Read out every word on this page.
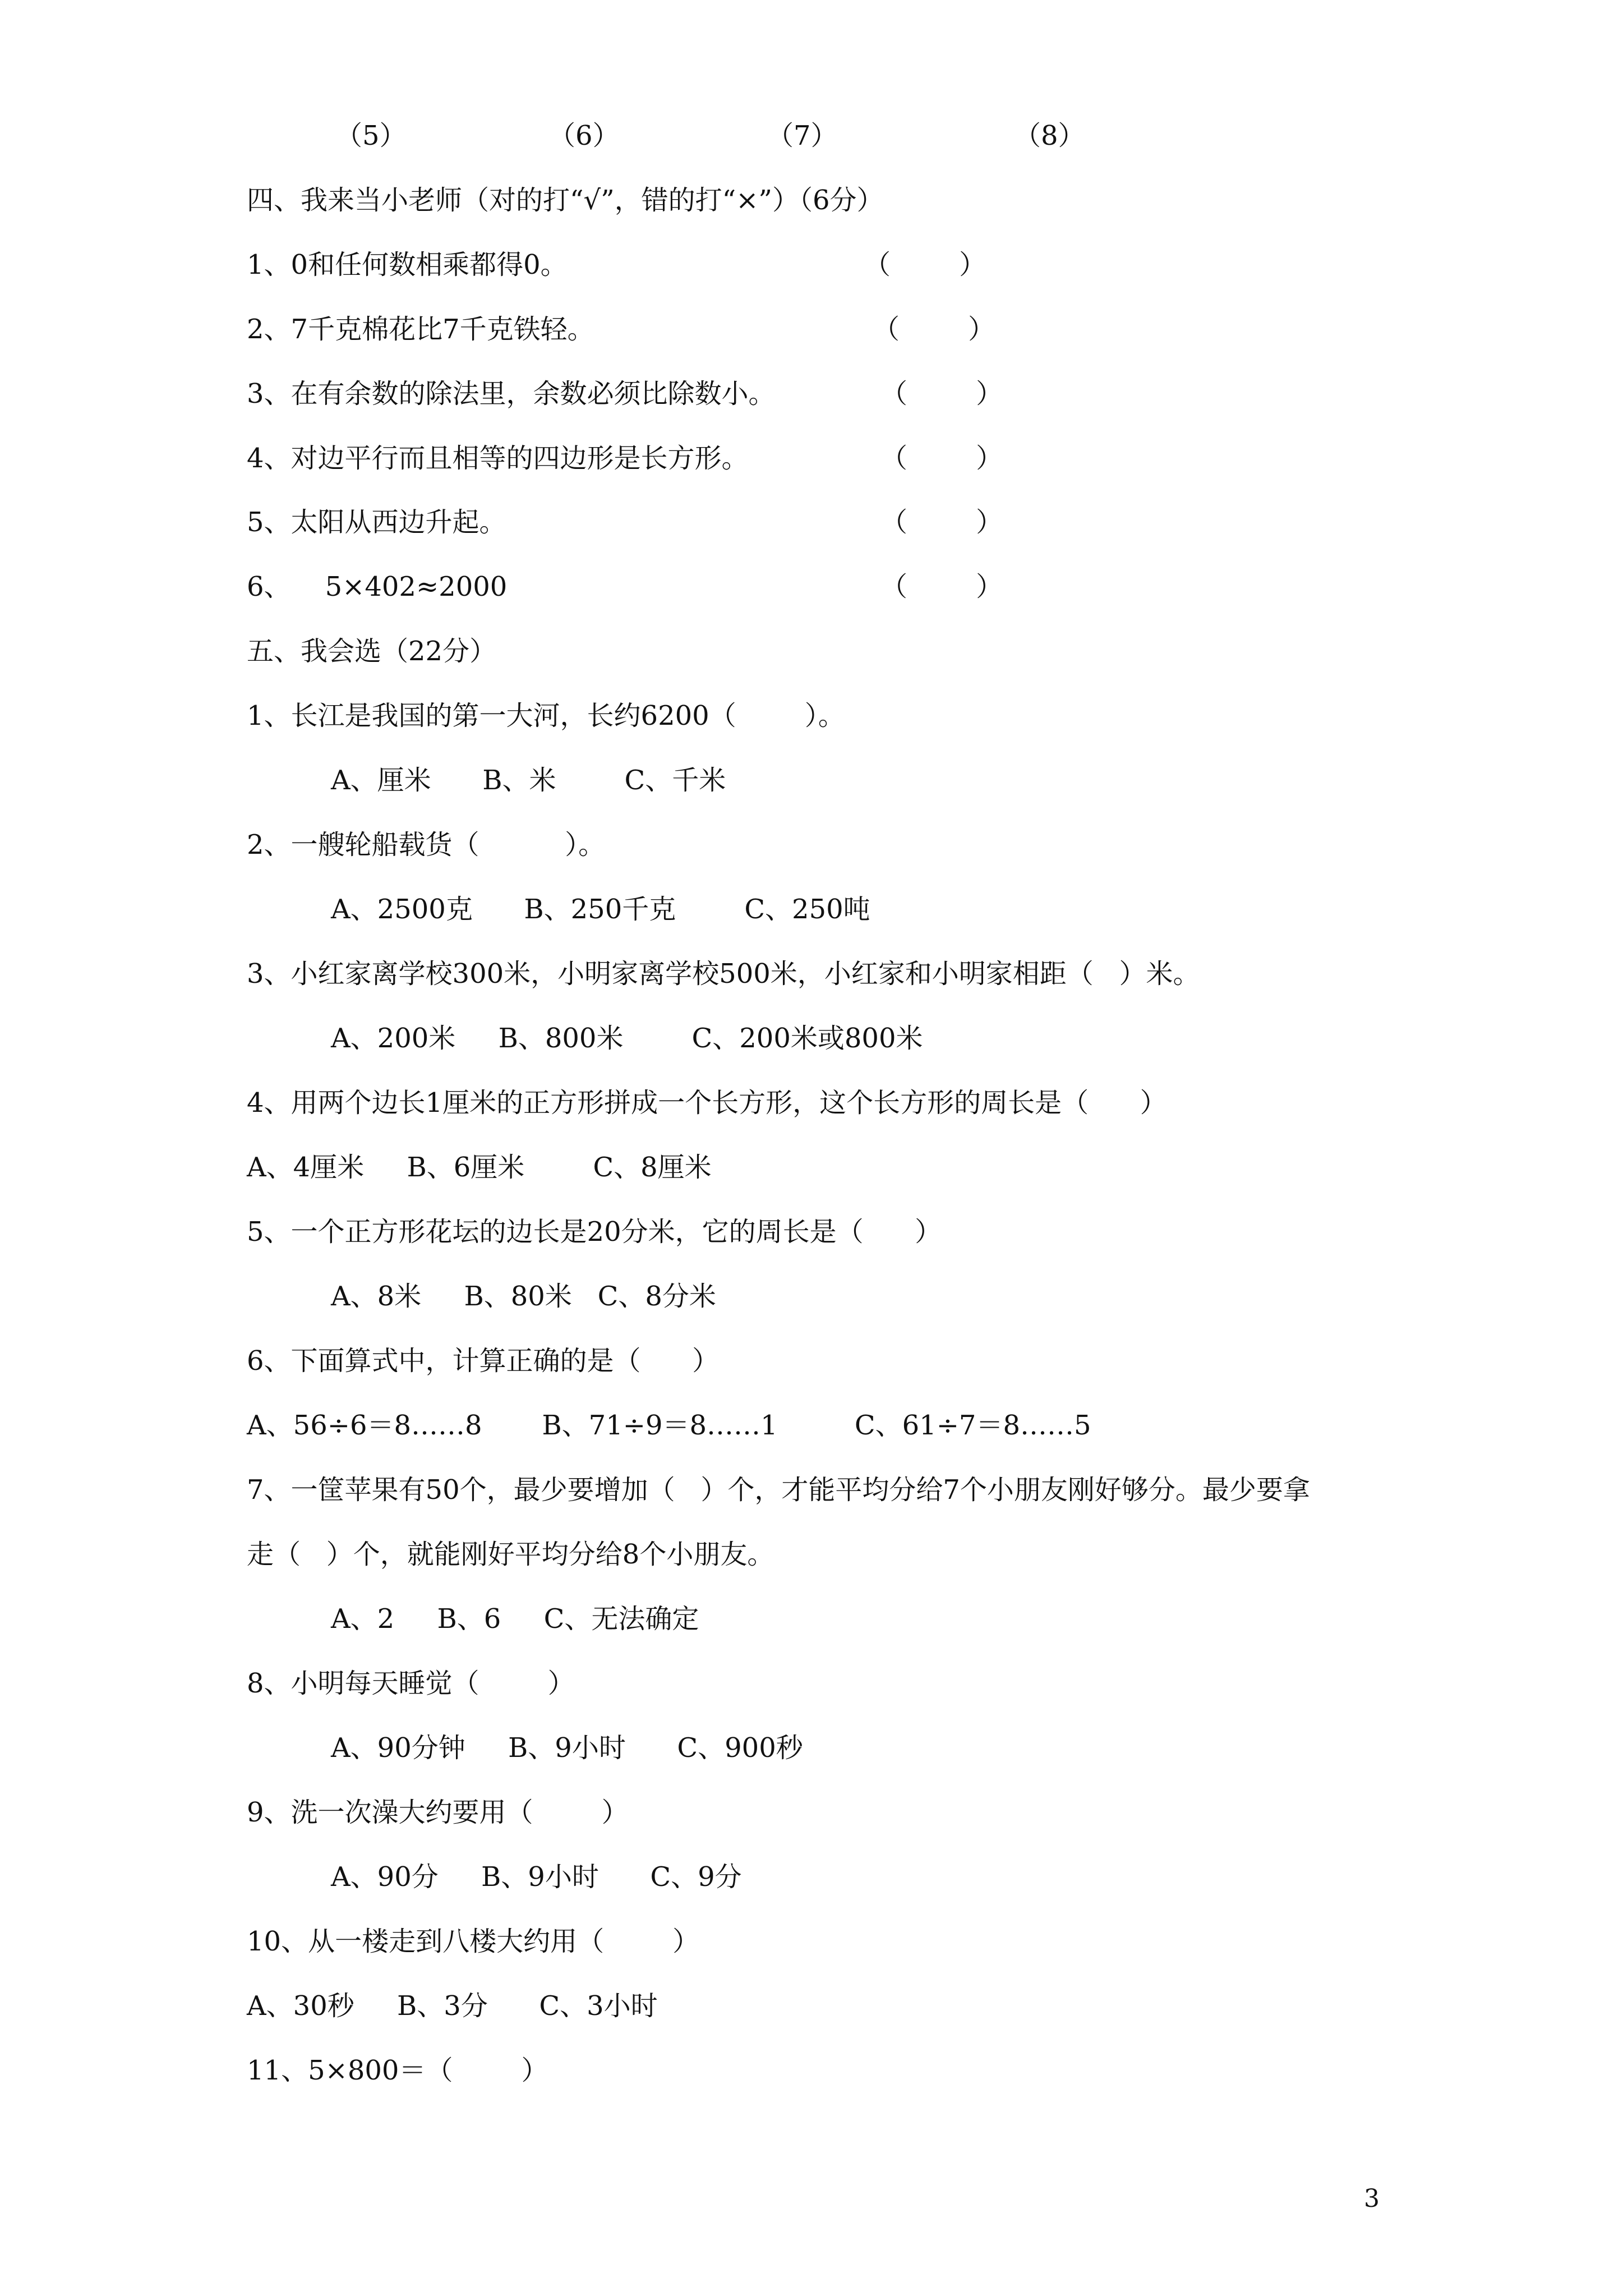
（5）	（6）	（7）	（8）
四、我来当小老师（对的打“√”，错的打“×”）（6分）
1、0和任何数相乘都得0。	（        ）
2、7千克棉花比7千克铁轻。	（        ）
3、在有余数的除法里，余数必须比除数小。	（        ）
4、对边平行而且相等的四边形是长方形。	（        ）
5、太阳从西边升起。	（        ）
6、    5×402≈2000	（        ）
五、我会选（22分）
1、长江是我国的第一大河，长约6200（        ）。
A、厘米      B、米        C、千米
2、一艘轮船载货（          ）。
A、2500克      B、250千克        C、250吨
3、小红家离学校300米，小明家离学校500米，小红家和小明家相距（   ）米。
A、200米     B、800米        C、200米或800米
4、用两个边长1厘米的正方形拼成一个长方形，这个长方形的周长是（      ）
A、4厘米     B、6厘米        C、8厘米
5、一个正方形花坛的边长是20分米，它的周长是（      ）
A、8米     B、80米   C、8分米
6、下面算式中，计算正确的是（      ）
A、56÷6＝8……8       B、71÷9＝8……1         C、61÷7＝8……5
7、一筐苹果有50个，最少要增加（   ）个，才能平均分给7个小朋友刚好够分。最少要拿
走（   ）个，就能刚好平均分给8个小朋友。
A、2     B、6     C、无法确定
8、小明每天睡觉（        ）
A、90分钟     B、9小时      C、900秒
9、洗一次澡大约要用（        ）
A、90分     B、9小时      C、9分
10、从一楼走到八楼大约用（        ）
A、30秒     B、3分      C、3小时
11、5×800＝（        ）
3
